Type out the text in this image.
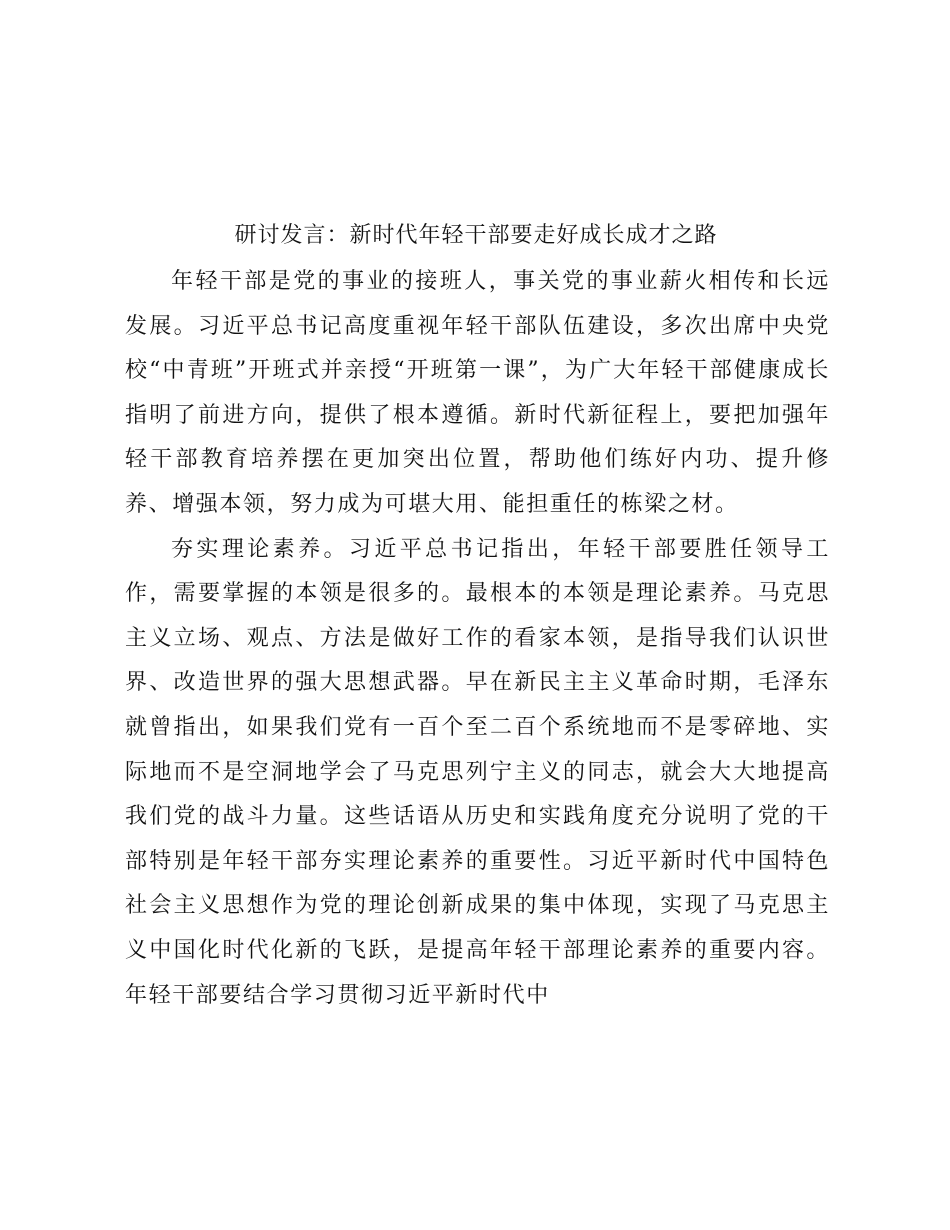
研讨发言：新时代年轻干部要走好成长成才之路

年轻干部是党的事业的接班人，事关党的事业薪火相传和长远发展。习近平总书记高度重视年轻干部队伍建设，多次出席中央党校“中青班”开班式并亲授“开班第一课”，为广大年轻干部健康成长指明了前进方向，提供了根本遵循。新时代新征程上，要把加强年轻干部教育培养摆在更加突出位置，帮助他们练好内功、提升修养、增强本领，努力成为可堪大用、能担重任的栋梁之材。

夯实理论素养。习近平总书记指出，年轻干部要胜任领导工作，需要掌握的本领是很多的。最根本的本领是理论素养。马克思主义立场、观点、方法是做好工作的看家本领，是指导我们认识世界、改造世界的强大思想武器。早在新民主主义革命时期，毛泽东就曾指出，如果我们党有一百个至二百个系统地而不是零碎地、实际地而不是空洞地学会了马克思列宁主义的同志，就会大大地提高我们党的战斗力量。这些话语从历史和实践角度充分说明了党的干部特别是年轻干部夯实理论素养的重要性。习近平新时代中国特色社会主义思想作为党的理论创新成果的集中体现，实现了马克思主义中国化时代化新的飞跃，是提高年轻干部理论素养的重要内容。年轻干部要结合学习贯彻习近平新时代中
